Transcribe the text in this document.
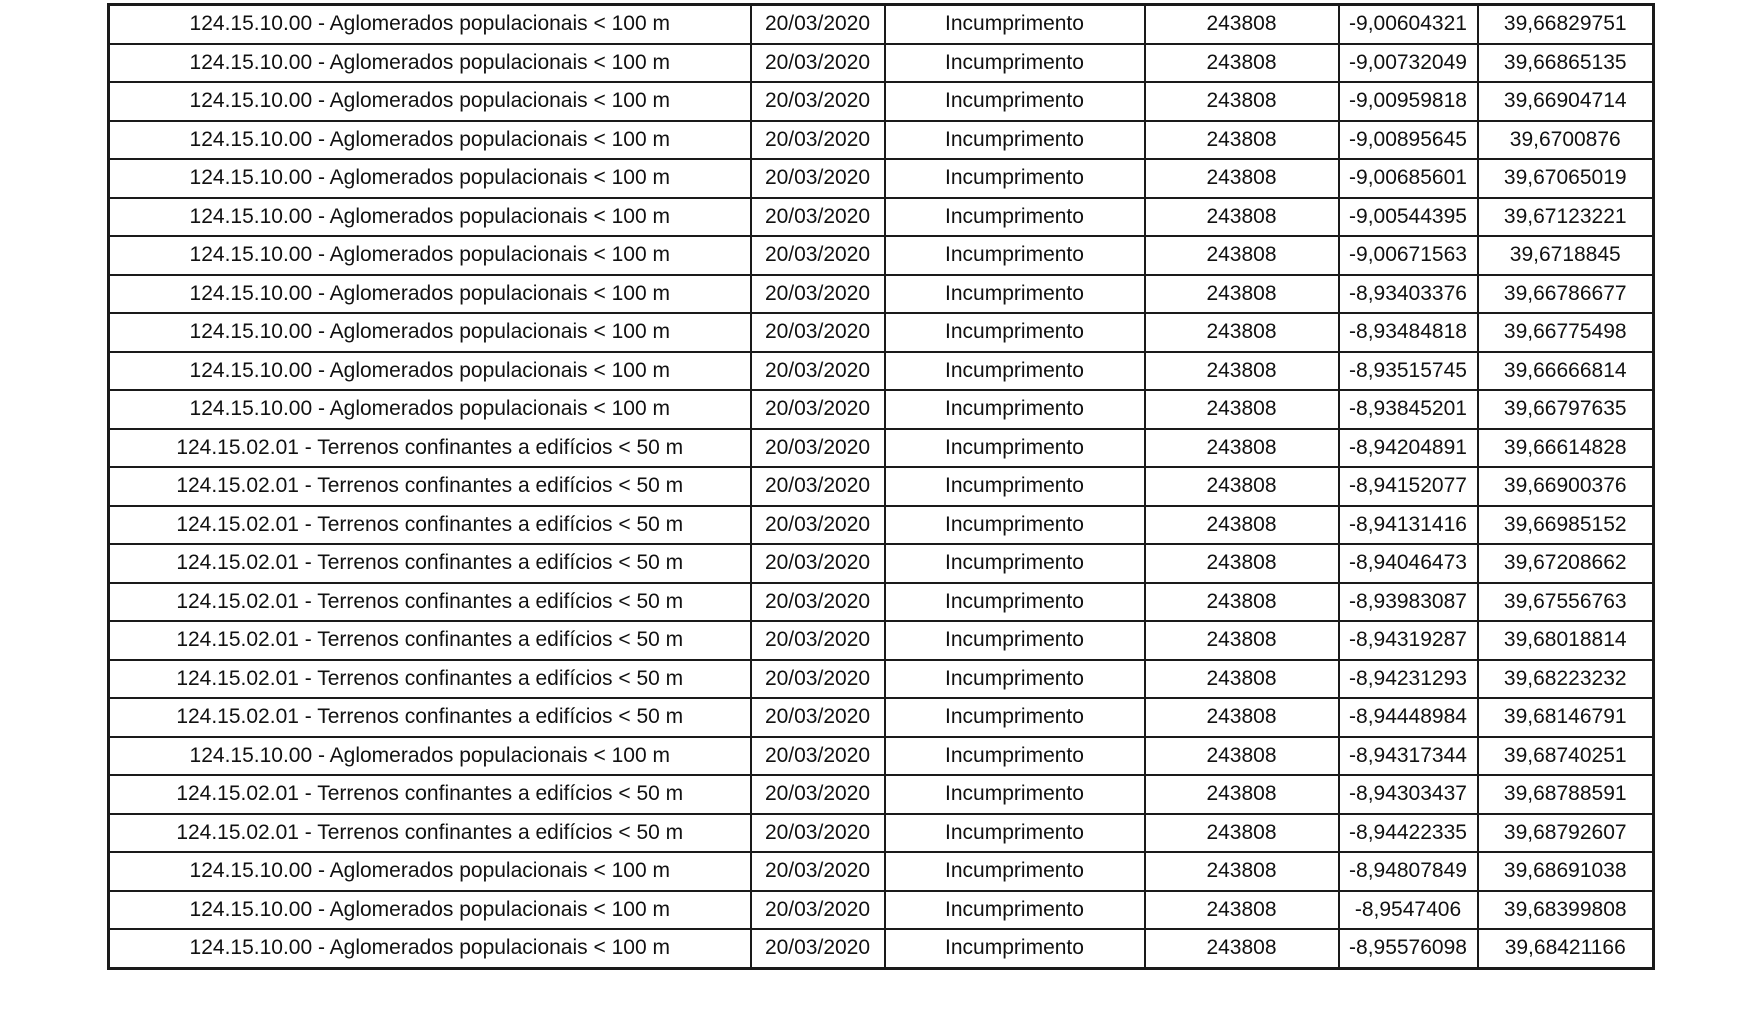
124.15.10.00 - Aglomerados populacionais < 100 m	20/03/2020	Incumprimento	243808	-9,00604321	39,66829751
124.15.10.00 - Aglomerados populacionais < 100 m	20/03/2020	Incumprimento	243808	-9,00732049	39,66865135
124.15.10.00 - Aglomerados populacionais < 100 m	20/03/2020	Incumprimento	243808	-9,00959818	39,66904714
124.15.10.00 - Aglomerados populacionais < 100 m	20/03/2020	Incumprimento	243808	-9,00895645	39,6700876
124.15.10.00 - Aglomerados populacionais < 100 m	20/03/2020	Incumprimento	243808	-9,00685601	39,67065019
124.15.10.00 - Aglomerados populacionais < 100 m	20/03/2020	Incumprimento	243808	-9,00544395	39,67123221
124.15.10.00 - Aglomerados populacionais < 100 m	20/03/2020	Incumprimento	243808	-9,00671563	39,6718845
124.15.10.00 - Aglomerados populacionais < 100 m	20/03/2020	Incumprimento	243808	-8,93403376	39,66786677
124.15.10.00 - Aglomerados populacionais < 100 m	20/03/2020	Incumprimento	243808	-8,93484818	39,66775498
124.15.10.00 - Aglomerados populacionais < 100 m	20/03/2020	Incumprimento	243808	-8,93515745	39,66666814
124.15.10.00 - Aglomerados populacionais < 100 m	20/03/2020	Incumprimento	243808	-8,93845201	39,66797635
124.15.02.01 - Terrenos confinantes a edifícios < 50 m	20/03/2020	Incumprimento	243808	-8,94204891	39,66614828
124.15.02.01 - Terrenos confinantes a edifícios < 50 m	20/03/2020	Incumprimento	243808	-8,94152077	39,66900376
124.15.02.01 - Terrenos confinantes a edifícios < 50 m	20/03/2020	Incumprimento	243808	-8,94131416	39,66985152
124.15.02.01 - Terrenos confinantes a edifícios < 50 m	20/03/2020	Incumprimento	243808	-8,94046473	39,67208662
124.15.02.01 - Terrenos confinantes a edifícios < 50 m	20/03/2020	Incumprimento	243808	-8,93983087	39,67556763
124.15.02.01 - Terrenos confinantes a edifícios < 50 m	20/03/2020	Incumprimento	243808	-8,94319287	39,68018814
124.15.02.01 - Terrenos confinantes a edifícios < 50 m	20/03/2020	Incumprimento	243808	-8,94231293	39,68223232
124.15.02.01 - Terrenos confinantes a edifícios < 50 m	20/03/2020	Incumprimento	243808	-8,94448984	39,68146791
124.15.10.00 - Aglomerados populacionais < 100 m	20/03/2020	Incumprimento	243808	-8,94317344	39,68740251
124.15.02.01 - Terrenos confinantes a edifícios < 50 m	20/03/2020	Incumprimento	243808	-8,94303437	39,68788591
124.15.02.01 - Terrenos confinantes a edifícios < 50 m	20/03/2020	Incumprimento	243808	-8,94422335	39,68792607
124.15.10.00 - Aglomerados populacionais < 100 m	20/03/2020	Incumprimento	243808	-8,94807849	39,68691038
124.15.10.00 - Aglomerados populacionais < 100 m	20/03/2020	Incumprimento	243808	-8,9547406	39,68399808
124.15.10.00 - Aglomerados populacionais < 100 m	20/03/2020	Incumprimento	243808	-8,95576098	39,68421166
